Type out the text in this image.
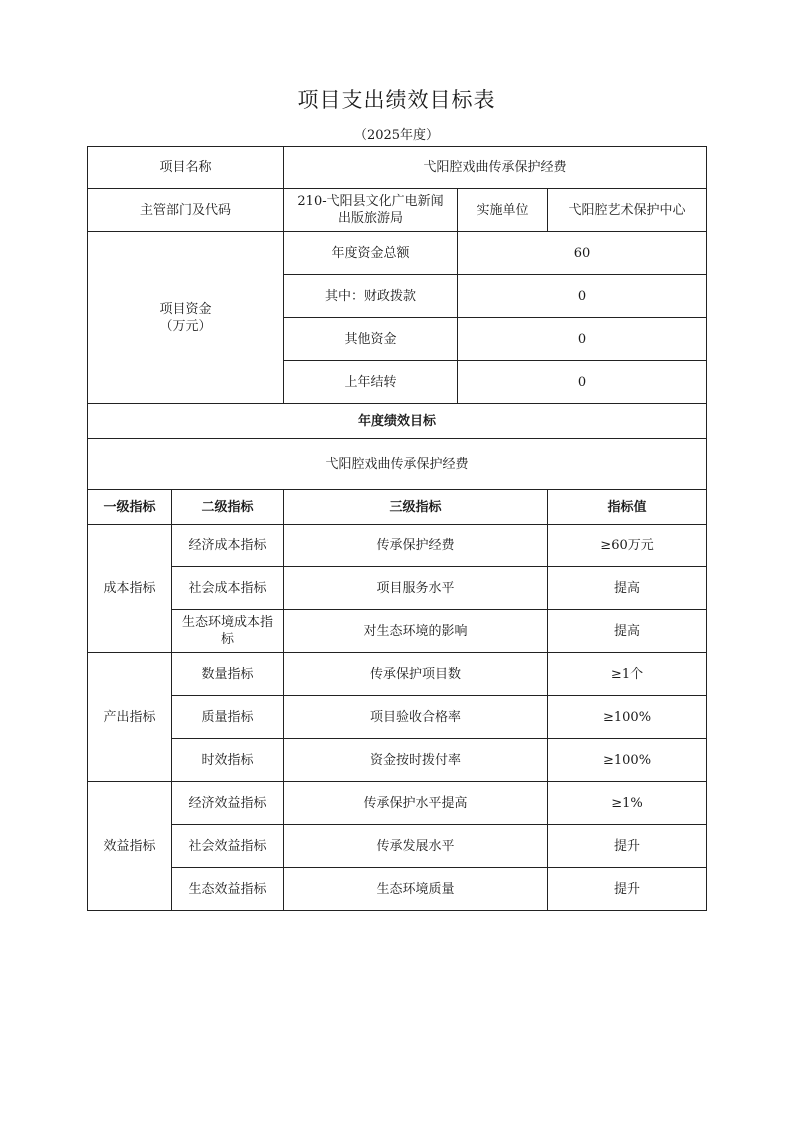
项目支出绩效目标表
（2025年度）
项目名称		弋阳腔戏曲传承保护经费		
主管部门及代码		210-弋阳县文化广电新闻
出版旅游局	实施单位	弋阳腔艺术保护中心

项目资金
（万元）		年度资金总额	60	
		其中：财政拨款	0	
		其他资金	0	
		上年结转	0	
年度绩效目标				
弋阳腔戏曲传承保护经费				
一级指标	二级指标	三级指标		指标值
成本指标	经济成本指标	传承保护经费		≥60万元
	社会成本指标	项目服务水平		提高

	生态环境成本指
标	对生态环境的影响		提高
产出指标	数量指标	传承保护项目数		≥1个
	质量指标	项目验收合格率		≥100%
	时效指标	资金按时拨付率		≥100%
效益指标	经济效益指标	传承保护水平提高		≥1%
	社会效益指标	传承发展水平		提升
	生态效益指标	生态环境质量		提升
